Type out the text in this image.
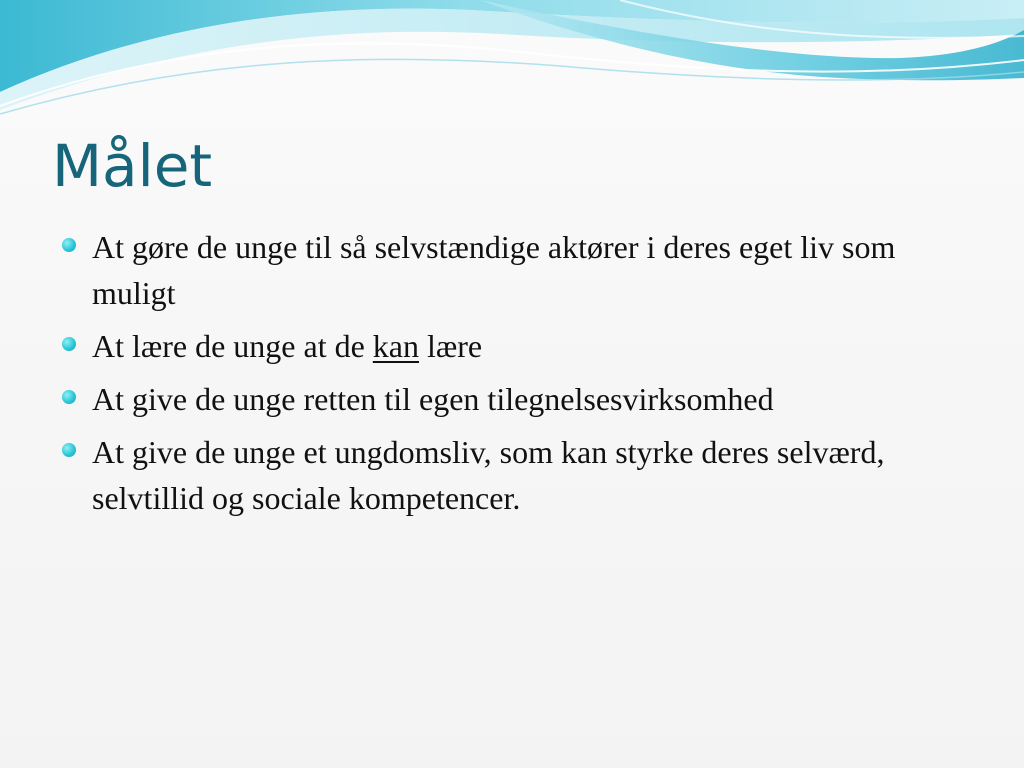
Målet
At gøre de unge til så selvstændige aktører i deres eget liv som muligt
At lære de unge at de kan lære
At give de unge retten til egen tilegnelsesvirksomhed
At give de unge et ungdomsliv, som kan styrke deres selværd, selvtillid og sociale kompetencer.
